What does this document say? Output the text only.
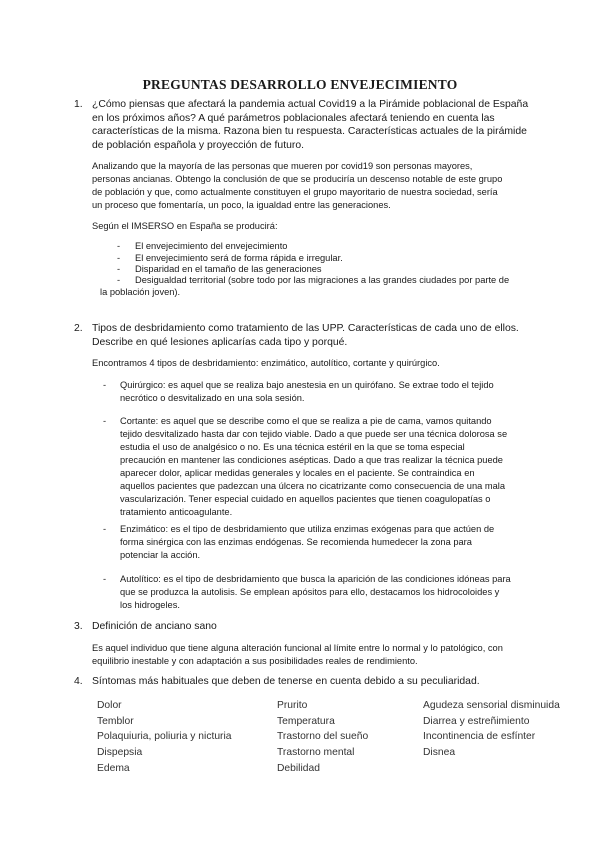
PREGUNTAS DESARROLLO ENVEJECIMIENTO
1. ¿Cómo piensas que afectará la pandemia actual Covid19 a la Pirámide poblacional de España
en los próximos años? A qué parámetros poblacionales afectará teniendo en cuenta las
características de la misma. Razona bien tu respuesta. Características actuales de la pirámide
de población española y proyección de futuro.
Analizando que la mayoría de las personas que mueren por covid19 son personas mayores,
personas ancianas. Obtengo la conclusión de que se produciría un descenso notable de este grupo
de población y que, como actualmente constituyen el grupo mayoritario de nuestra sociedad, sería
un proceso que fomentaría, un poco, la igualdad entre las generaciones.
Según el IMSERSO en España se producirá:
- El envejecimiento del envejecimiento
- El envejecimiento será de forma rápida e irregular.
- Disparidad en el tamaño de las generaciones
- Desigualdad territorial (sobre todo por las migraciones a las grandes ciudades por parte de
la población joven).
2. Tipos de desbridamiento como tratamiento de las UPP. Características de cada uno de ellos.
Describe en qué lesiones aplicarías cada tipo y porqué.
Encontramos 4 tipos de desbridamiento: enzimático, autolítico, cortante y quirúrgico.
- Quirúrgico: es aquel que se realiza bajo anestesia en un quirófano. Se extrae todo el tejido
necrótico o desvitalizado en una sola sesión.
- Cortante: es aquel que se describe como el que se realiza a pie de cama, vamos quitando
tejido desvitalizado hasta dar con tejido viable. Dado a que puede ser una técnica dolorosa se
estudia el uso de analgésico o no. Es una técnica estéril en la que se toma especial
precaución en mantener las condiciones asépticas. Dado a que tras realizar la técnica puede
aparecer dolor, aplicar medidas generales y locales en el paciente. Se contraindica en
aquellos pacientes que padezcan una úlcera no cicatrizante como consecuencia de una mala
vascularización. Tener especial cuidado en aquellos pacientes que tienen coagulopatías o
tratamiento anticoagulante.
- Enzimático: es el tipo de desbridamiento que utiliza enzimas exógenas para que actúen de
forma sinérgica con las enzimas endógenas. Se recomienda humedecer la zona para
potenciar la acción.
- Autolítico: es el tipo de desbridamiento que busca la aparición de las condiciones idóneas para
que se produzca la autolisis. Se emplean apósitos para ello, destacamos los hidrocoloides y
los hidrogeles.
3. Definición de anciano sano
Es aquel individuo que tiene alguna alteración funcional al límite entre lo normal y lo patológico, con
equilibrio inestable y con adaptación a sus posibilidades reales de rendimiento.
4. Síntomas más habituales que deben de tenerse en cuenta debido a su peculiaridad.
Dolor
Temblor
Polaquiuria, poliuria y nicturia
Dispepsia
Edema
Prurito
Temperatura
Trastorno del sueño
Trastorno mental
Debilidad
Agudeza sensorial disminuida
Diarrea y estreñimiento
Incontinencia de esfínter
Disnea
